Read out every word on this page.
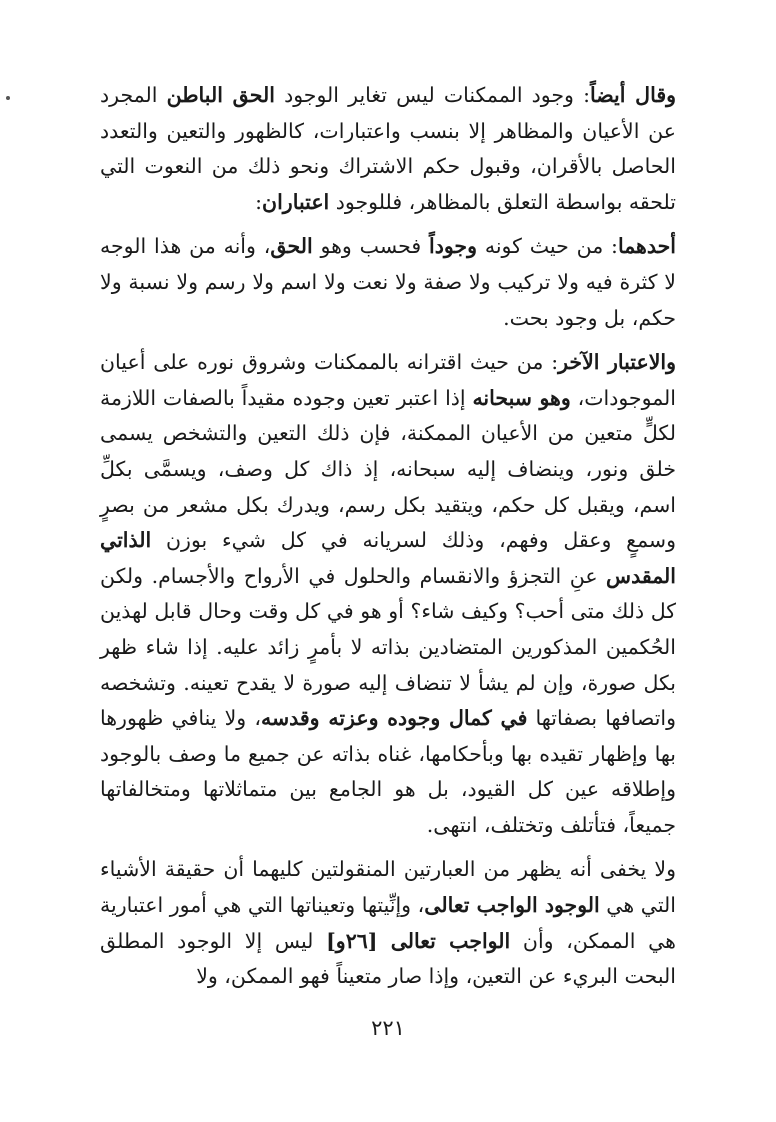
وقال أيضاً: وجود الممكنات ليس تغاير الوجود الحق الباطن المجرد عن الأعيان والمظاهر إلا بنسب واعتبارات، كالظهور والتعين والتعدد الحاصل بالأقران، وقبول حكم الاشتراك ونحو ذلك من النعوت التي تلحقه بواسطة التعلق بالمظاهر، فللوجود اعتباران:

أحدهما: من حيث كونه وجوداً فحسب وهو الحق، وأنه من هذا الوجه لا كثرة فيه ولا تركيب ولا صفة ولا نعت ولا اسم ولا رسم ولا نسبة ولا حكم، بل وجود بحت.

والاعتبار الآخر: من حيث اقترانه بالممكنات وشروق نوره على أعيان الموجودات، وهو سبحانه إذا اعتبر تعين وجوده مقيداً بالصفات اللازمة لكلٍّ متعين من الأعيان الممكنة، فإن ذلك التعين والتشخص يسمى خلق ونور، وينضاف إليه سبحانه، إذ ذاك كل وصف، ويسمَّى بكلِّ اسم، ويقبل كل حكم، ويتقيد بكل رسم، ويدرك بكل مشعر من بصرٍ وسمعٍ وعقل وفهم، وذلك لسريانه في كل شيء بوزن الذاتي المقدس عنِ التجزؤ والانقسام والحلول في الأرواح والأجسام. ولكن كل ذلك متى أحب؟ وكيف شاء؟ أو هو في كل وقت وحال قابل لهذين الحُكمين المذكورين المتضادين بذاته لا بأمرٍ زائد عليه. إذا شاء ظهر بكل صورة، وإن لم يشأ لا تنضاف إليه صورة لا يقدح تعينه. وتشخصه واتصافها بصفاتها في كمال وجوده وعزته وقدسه، ولا ينافي ظهورها بها وإظهار تقيده بها وبأحكامها، غناه بذاته عن جميع ما وصف بالوجود وإطلاقه عين كل القيود، بل هو الجامع بين متماثلاتها ومتخالفاتها جميعاً، فتأتلف وتختلف، انتهى.

ولا يخفى أنه يظهر من العبارتين المنقولتين كليهما أن حقيقة الأشياء التي هي الوجود الواجب تعالى، وإنِّيتها وتعيناتها التي هي أمور اعتبارية هي الممكن، وأن الواجب تعالى [٢٦و] ليس إلا الوجود المطلق البحت البريء عن التعين، وإذا صار متعيناً فهو الممكن، ولا

٢٢١
